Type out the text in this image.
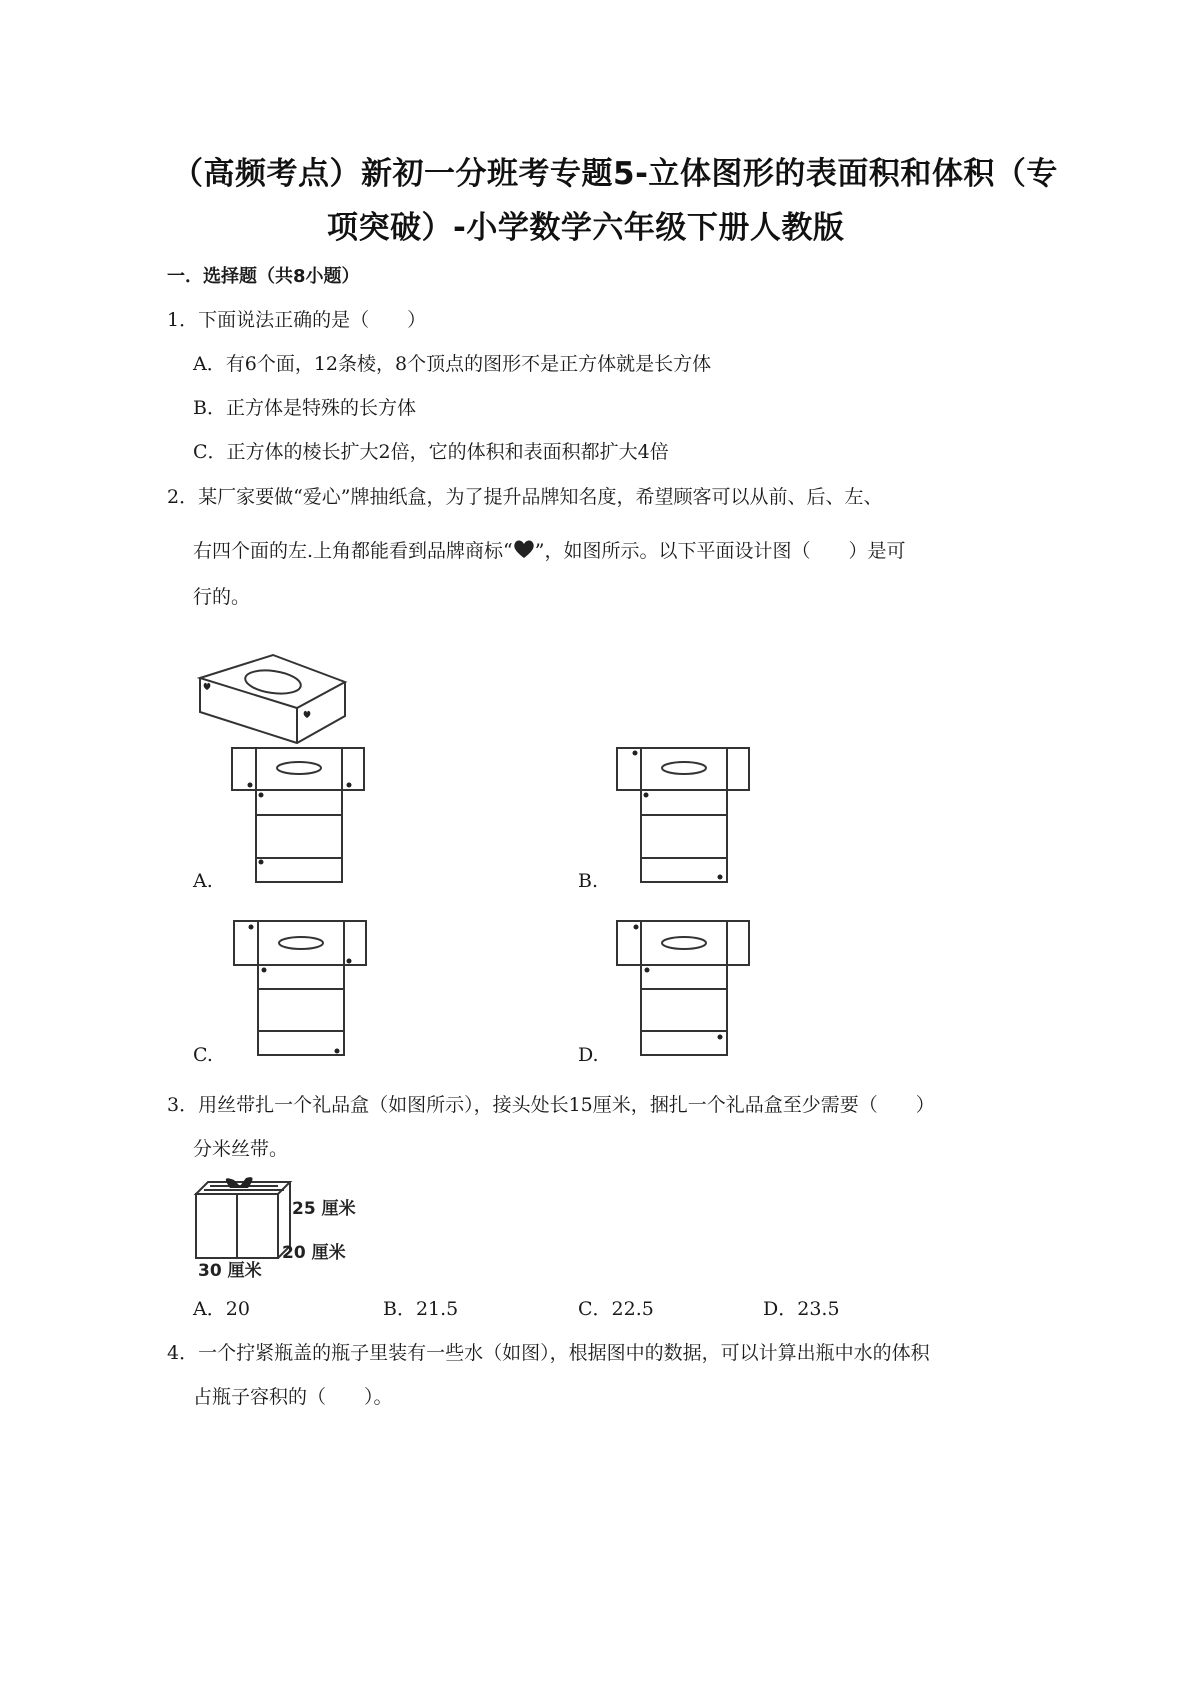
（高频考点）新初一分班考专题5-立体图形的表面积和体积（专
项突破）-小学数学六年级下册人教版
一．选择题（共8小题）
1．下面说法正确的是（　　）
A．有6个面，12条棱，8个顶点的图形不是正方体就是长方体
B．正方体是特殊的长方体
C．正方体的棱长扩大2倍，它的体积和表面积都扩大4倍
2．某厂家要做“爱心”牌抽纸盒，为了提升品牌知名度，希望顾客可以从前、后、左、
右四个面的左.上角都能看到品牌商标“ ”，如图所示。以下平面设计图（　　）是可
行的。
A.	B.
C.	D.
3．用丝带扎一个礼品盒（如图所示），接头处长15厘米，捆扎一个礼品盒至少需要（　　）
分米丝带。
25 厘米
20 厘米
30 厘米
A．20	B．21.5	C．22.5	D．23.5
4．一个拧紧瓶盖的瓶子里装有一些水（如图），根据图中的数据，可以计算出瓶中水的体积
占瓶子容积的（　　）。
